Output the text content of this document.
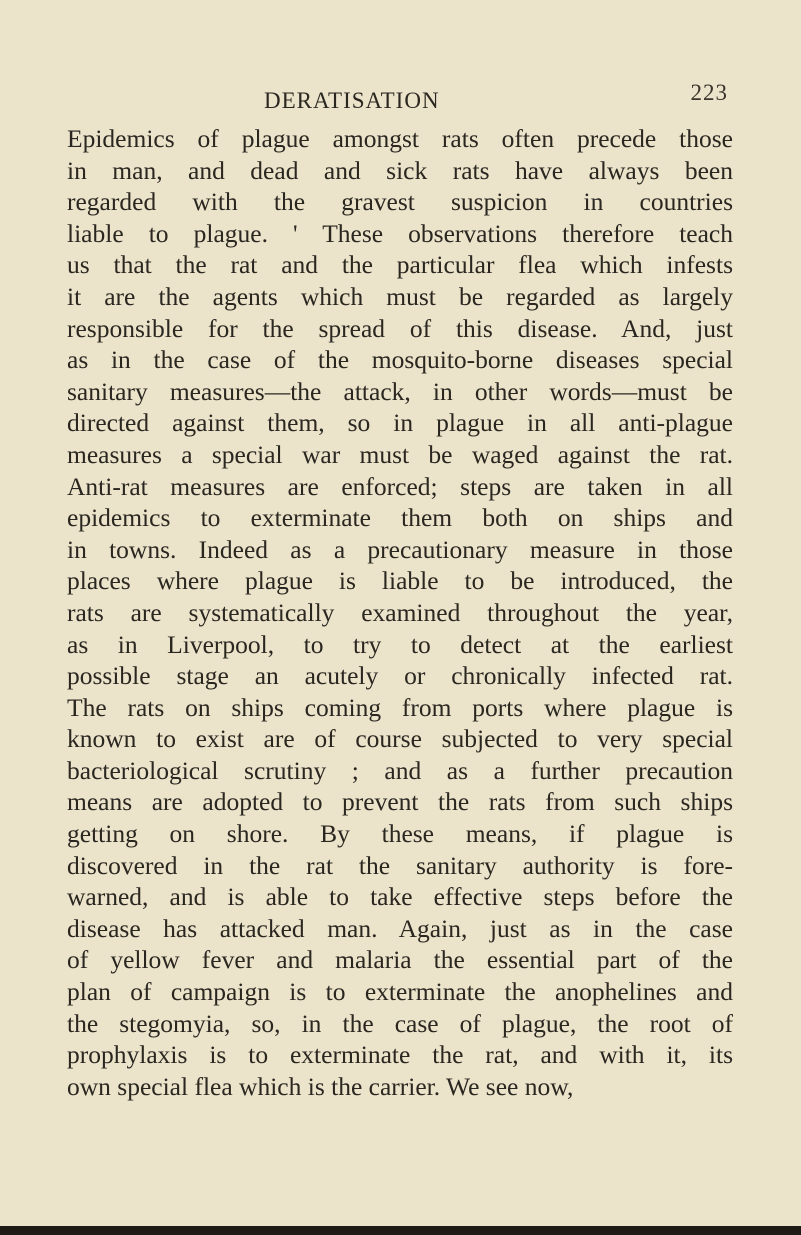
DERATISATION	223
Epidemics of plague amongst rats often precede those
in man, and dead and sick rats have always been
regarded with the gravest suspicion in countries
liable to plague. ' These observations therefore teach
us that the rat and the particular flea which infests
it are the agents which must be regarded as largely
responsible for the spread of this disease. And, just
as in the case of the mosquito-borne diseases special
sanitary measures—the attack, in other words—must be
directed against them, so in plague in all anti-plague
measures a special war must be waged against the rat.
Anti-rat measures are enforced; steps are taken in all
epidemics to exterminate them both on ships and
in towns. Indeed as a precautionary measure in those
places where plague is liable to be introduced, the
rats are systematically examined throughout the year,
as in Liverpool, to try to detect at the earliest
possible stage an acutely or chronically infected rat.
The rats on ships coming from ports where plague is
known to exist are of course subjected to very special
bacteriological scrutiny ; and as a further precaution
means are adopted to prevent the rats from such ships
getting on shore. By these means, if plague is
discovered in the rat the sanitary authority is fore-
warned, and is able to take effective steps before the
disease has attacked man. Again, just as in the case
of yellow fever and malaria the essential part of the
plan of campaign is to exterminate the anophelines and
the stegomyia, so, in the case of plague, the root of
prophylaxis is to exterminate the rat, and with it, its
own special flea which is the carrier. We see now,
